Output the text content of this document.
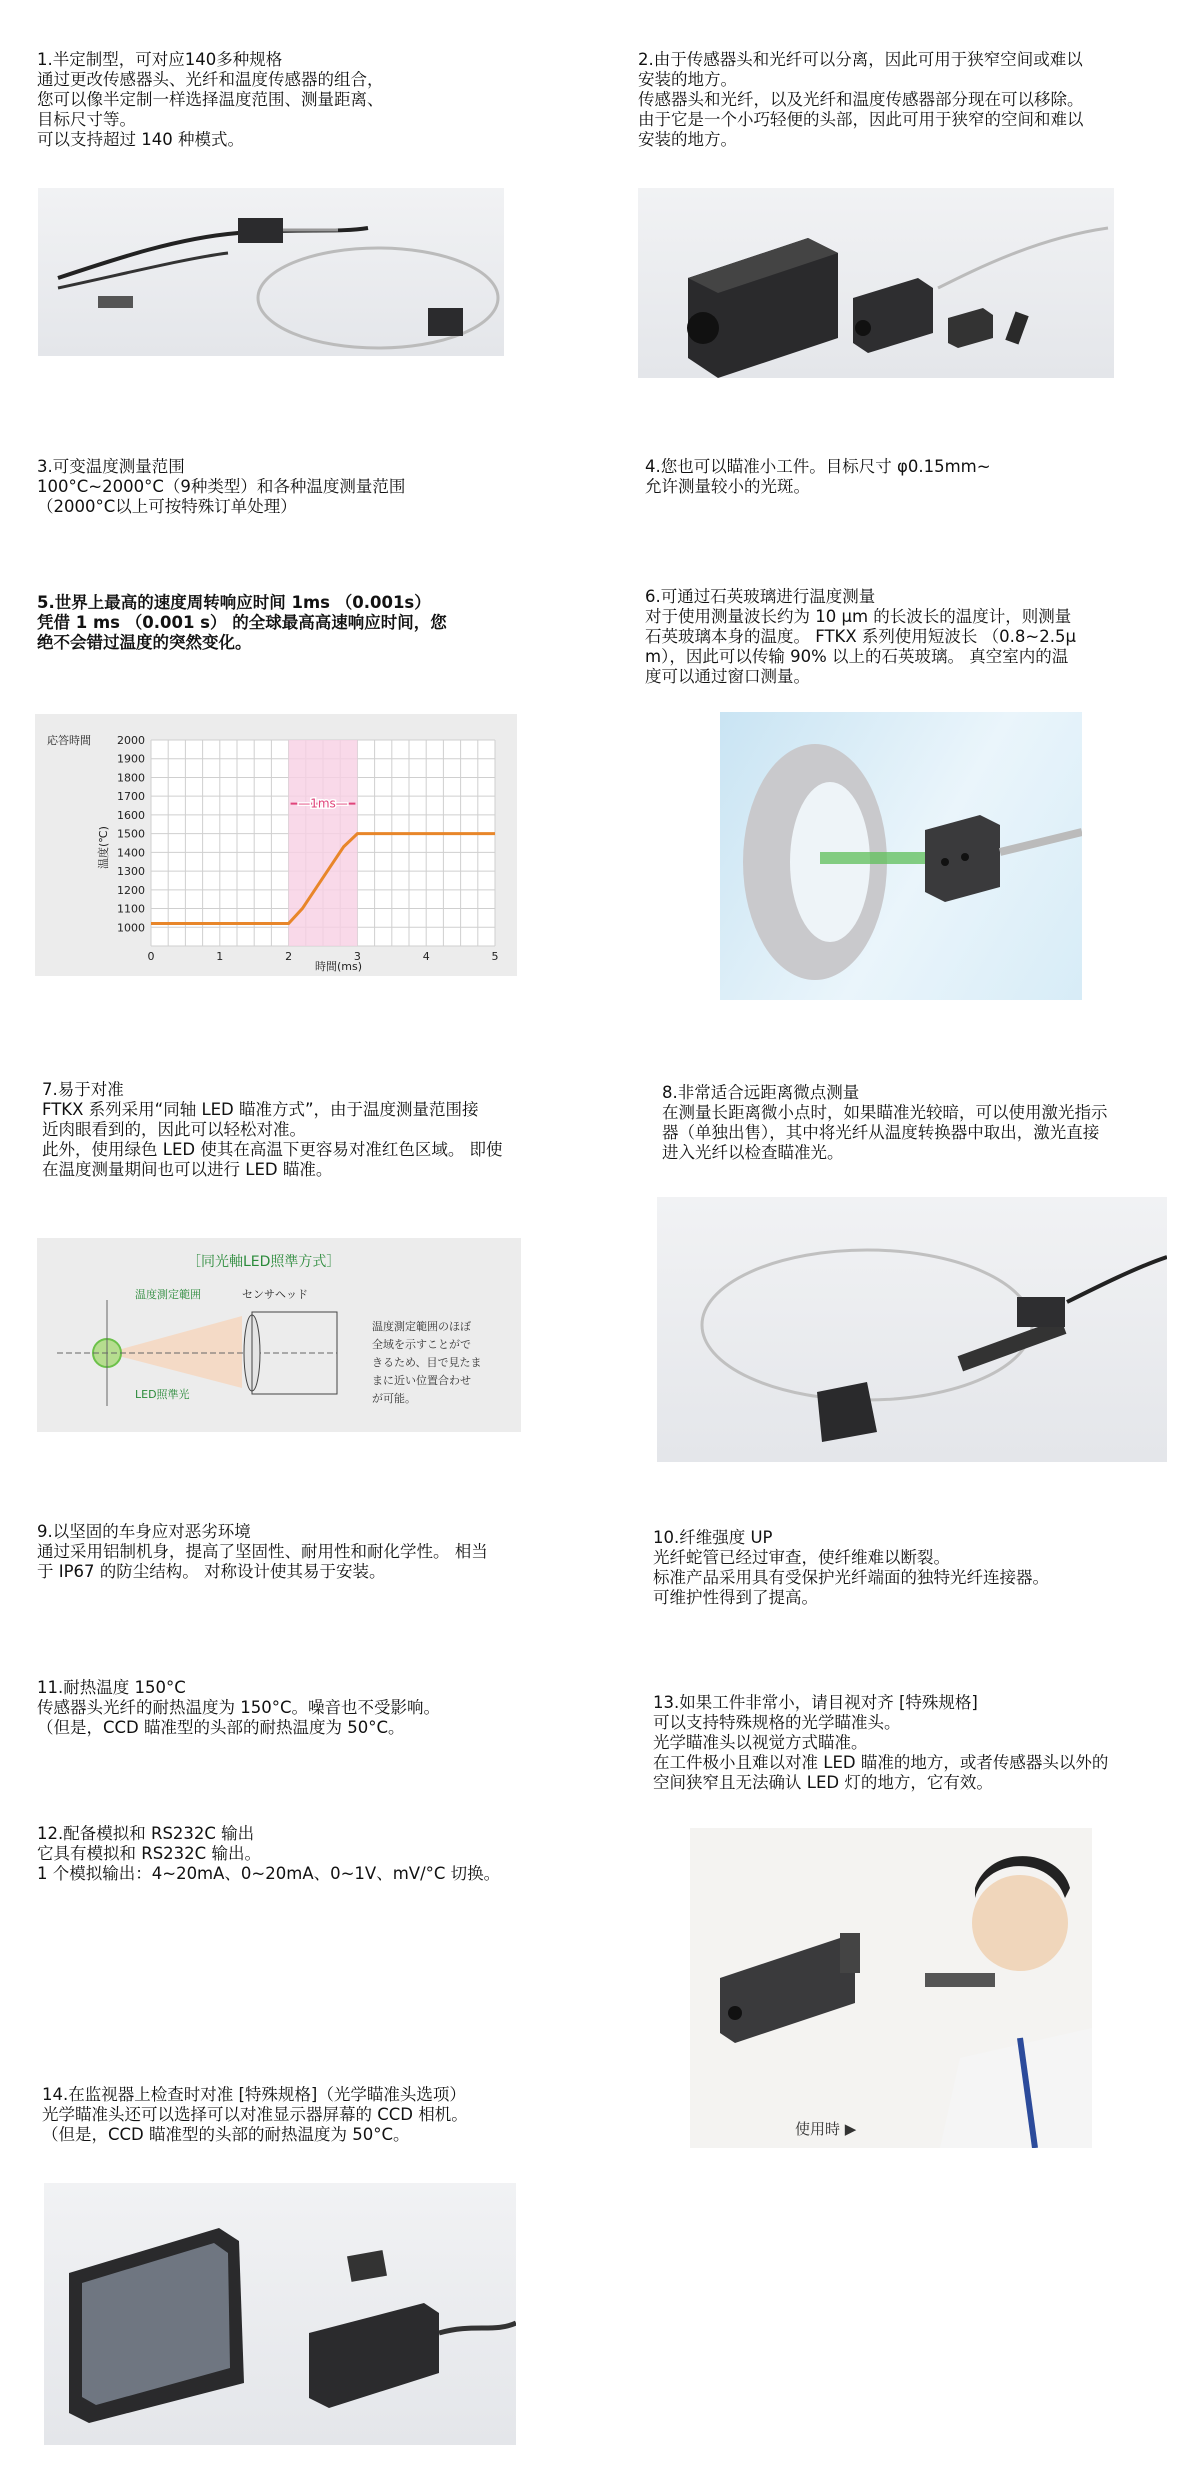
1.半定制型，可对应140多种规格

通过更改传感器头、光纤和温度传感器的组合，
您可以像半定制一样选择温度范围、测量距离、
目标尺寸等。
可以支持超过 140 种模式。

2.由于传感器头和光纤可以分离，因此可用于狭窄空间或难以

安装的地方。
传感器头和光纤，以及光纤和温度传感器部分现在可以移除。
由于它是一个小巧轻便的头部，因此可用于狭窄的空间和难以
安装的地方。

3.可变温度测量范围

100°C~2000°C（9种类型）和各种温度测量范围
（2000°C以上可按特殊订单处理）

4.您也可以瞄准小工件。目标尺寸 φ0.15mm~

允许测量较小的光斑。

5.世界上最高的速度周转响应时间 1ms （0.001s）

凭借 1 ms （0.001 s） 的全球最高高速响应时间，您
绝不会错过温度的突然变化。

—1ms—
0	1	2	3	4	5
1000
1100
1200
1300
1400
1500
1600
1700
1800
1900
2000
応答時間
温度(℃)
時間(ms)

6.可通过石英玻璃进行温度测量

对于使用测量波长约为 10 μm 的长波长的温度计，则测量
石英玻璃本身的温度。 FTKX 系列使用短波长 （0.8~2.5μ
m），因此可以传输 90% 以上的石英玻璃。 真空室内的温
度可以通过窗口测量。

7.易于对准

FTKX 系列采用“同轴 LED 瞄准方式”，由于温度测量范围接
近肉眼看到的，因此可以轻松对准。
此外，使用绿色 LED 使其在高温下更容易对准红色区域。 即使
在温度测量期间也可以进行 LED 瞄准。

［同光軸LED照準方式］
温度測定範囲	センサヘッド
LED照準光
温度測定範囲のほぼ 全域を示すことがで きるため、目で見たま まに近い位置合わせ が可能。

8.非常适合远距离微点测量

在测量长距离微小点时，如果瞄准光较暗，可以使用激光指示
器（单独出售），其中将光纤从温度转换器中取出，激光直接
进入光纤以检查瞄准光。

9.以坚固的车身应对恶劣环境

通过采用铝制机身，提高了坚固性、耐用性和耐化学性。 相当
于 IP67 的防尘结构。 对称设计使其易于安装。

10.纤维强度 UP

光纤蛇管已经过审查，使纤维难以断裂。
标准产品采用具有受保护光纤端面的独特光纤连接器。
可维护性得到了提高。

11.耐热温度 150°C

传感器头光纤的耐热温度为 150°C。噪音也不受影响。
（但是，CCD 瞄准型的头部的耐热温度为 50°C。

13.如果工件非常小，请目视对齐 [特殊规格]

可以支持特殊规格的光学瞄准头。
光学瞄准头以视觉方式瞄准。
在工件极小且难以对准 LED 瞄准的地方，或者传感器头以外的
空间狭窄且无法确认 LED 灯的地方，它有效。

12.配备模拟和 RS232C 输出

它具有模拟和 RS232C 输出。
1 个模拟输出：4~20mA、0~20mA、0~1V、mV/°C 切换。

使用時 ▶

14.在监视器上检查时对准 [特殊规格]（光学瞄准头选项）

光学瞄准头还可以选择可以对准显示器屏幕的 CCD 相机。
（但是，CCD 瞄准型的头部的耐热温度为 50°C。
